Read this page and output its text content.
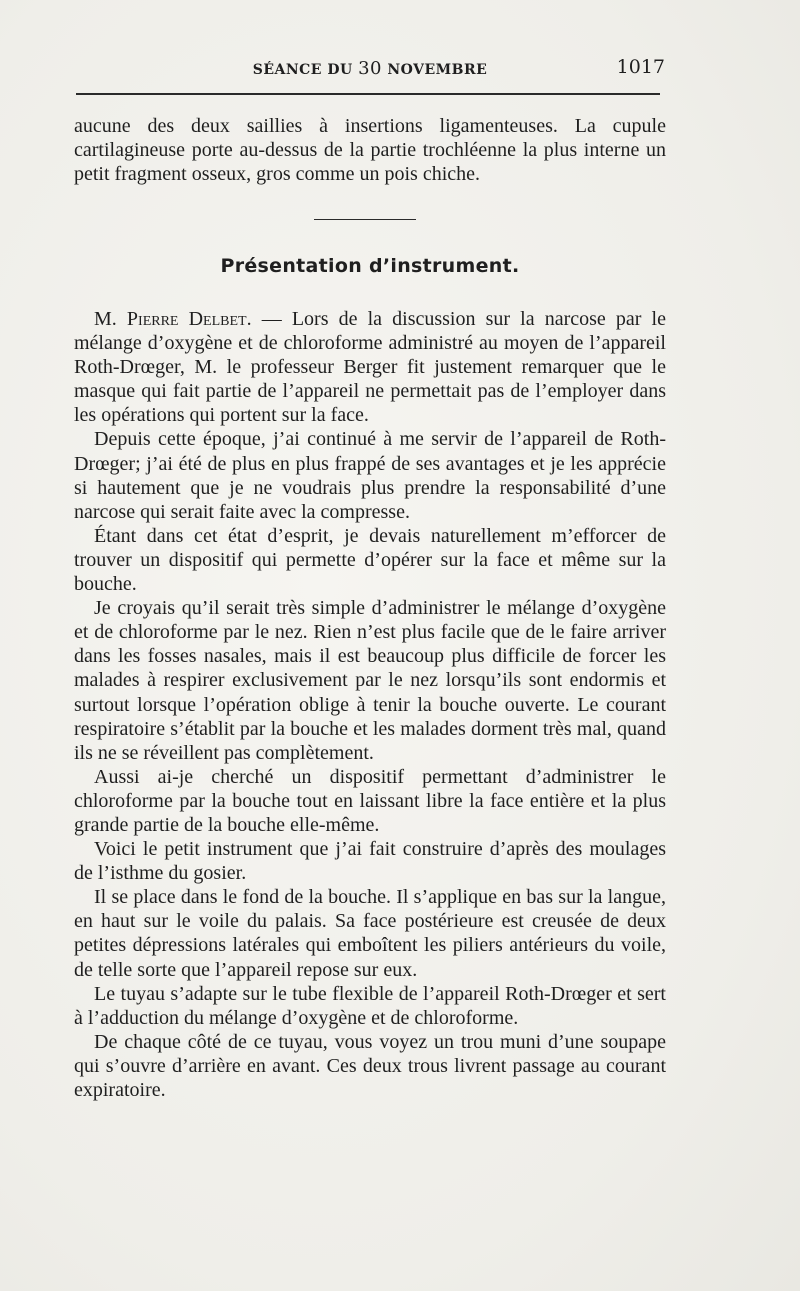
SÉANCE DU 30 NOVEMBRE	1017

aucune des deux saillies à insertions ligamenteuses. La cupule cartilagineuse porte au-dessus de la partie trochléenne la plus interne un petit fragment osseux, gros comme un pois chiche.

Présentation d’instrument.

M. Pierre Delbet. — Lors de la discussion sur la narcose par le mélange d’oxygène et de chloroforme administré au moyen de l’appareil Roth-Drœger, M. le professeur Berger fit justement remarquer que le masque qui fait partie de l’appareil ne permettait pas de l’employer dans les opérations qui portent sur la face.

Depuis cette époque, j’ai continué à me servir de l’appareil de Roth-Drœger; j’ai été de plus en plus frappé de ses avantages et je les apprécie si hautement que je ne voudrais plus prendre la responsabilité d’une narcose qui serait faite avec la compresse.

Étant dans cet état d’esprit, je devais naturellement m’efforcer de trouver un dispositif qui permette d’opérer sur la face et même sur la bouche.

Je croyais qu’il serait très simple d’administrer le mélange d’oxygène et de chloroforme par le nez. Rien n’est plus facile que de le faire arriver dans les fosses nasales, mais il est beaucoup plus difficile de forcer les malades à respirer exclusivement par le nez lorsqu’ils sont endormis et surtout lorsque l’opération oblige à tenir la bouche ouverte. Le courant respiratoire s’établit par la bouche et les malades dorment très mal, quand ils ne se réveillent pas complètement.

Aussi ai-je cherché un dispositif permettant d’administrer le chloroforme par la bouche tout en laissant libre la face entière et la plus grande partie de la bouche elle-même.

Voici le petit instrument que j’ai fait construire d’après des moulages de l’isthme du gosier.

Il se place dans le fond de la bouche. Il s’applique en bas sur la langue, en haut sur le voile du palais. Sa face postérieure est creusée de deux petites dépressions latérales qui emboîtent les piliers antérieurs du voile, de telle sorte que l’appareil repose sur eux.

Le tuyau s’adapte sur le tube flexible de l’appareil Roth-Drœger et sert à l’adduction du mélange d’oxygène et de chloroforme.

De chaque côté de ce tuyau, vous voyez un trou muni d’une soupape qui s’ouvre d’arrière en avant. Ces deux trous livrent passage au courant expiratoire.
